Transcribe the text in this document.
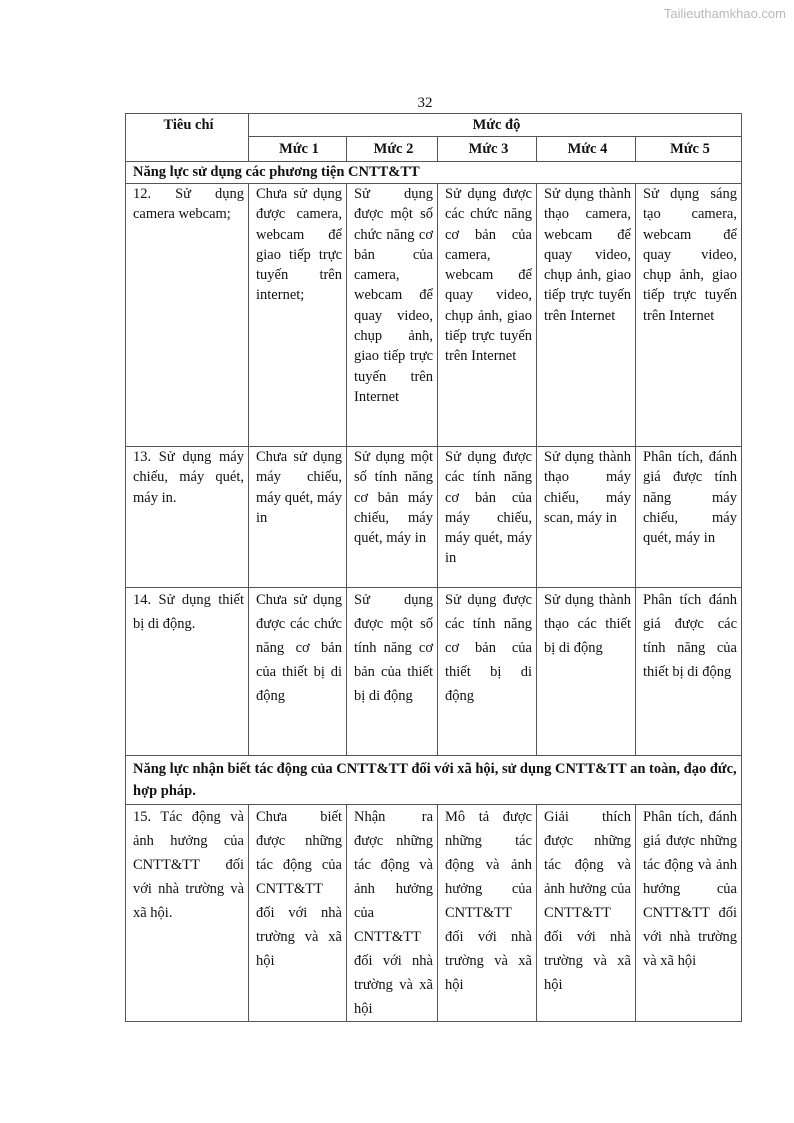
Tailieuthamkhao.com
32
Tiêu chí	Mức độ				
	Mức 1	Mức 2	Mức 3	Mức 4	Mức 5
Năng lực sử dụng các phương tiện CNTT&TT					
12. Sử dụng camera webcam;	Chưa sử dụng được camera, webcam để giao tiếp trực tuyến trên internet;	Sử dụng được một số chức năng cơ bản của camera, webcam để quay video, chụp ảnh, giao tiếp trực tuyến trên Internet	Sử dụng được các chức năng cơ bản của camera, webcam để quay video, chụp ảnh, giao tiếp trực tuyến trên Internet	Sử dụng thành thạo camera, webcam để quay video, chụp ảnh, giao tiếp trực tuyến trên Internet	Sử dụng sáng tạo camera, webcam để quay video, chụp ảnh, giao tiếp trực tuyến trên Internet
13. Sử dụng máy chiếu, máy quét, máy in.	Chưa sử dụng máy chiếu, máy quét, máy in	Sử dụng một số tính năng cơ bản máy chiếu, máy quét, máy in	Sử dụng được các tính năng cơ bản của máy chiếu, máy quét, máy in	Sử dụng thành thạo máy chiếu, máy scan, máy in	Phân tích, đánh giá được tính năng máy chiếu, máy quét, máy in
14. Sử dụng thiết bị di động.	Chưa sử dụng được các chức năng cơ bản của thiết bị di động	Sử dụng được một số tính năng cơ bản của thiết bị di động	Sử dụng được các tính năng cơ bản của thiết bị di động	Sử dụng thành thạo các thiết bị di động	Phân tích đánh giá được các tính năng của thiết bị di động
Năng lực nhận biết tác động của CNTT&TT đối với xã hội, sử dụng CNTT&TT an toàn, đạo đức, hợp pháp.					
15. Tác động và ảnh hưởng của CNTT&TT đối với nhà trường và xã hội.	Chưa biết được những tác động của CNTT&TT đối với nhà trường và xã hội	Nhận ra được những tác động và ảnh hưởng của CNTT&TT đối với nhà trường và xã hội	Mô tả được những tác động và ảnh hưởng của CNTT&TT đối với nhà trường và xã hội	Giải thích được những tác động và ảnh hưởng của CNTT&TT đối với nhà trường và xã hội	Phân tích, đánh giá được những tác động và ảnh hưởng của CNTT&TT đối với nhà trường và xã hội
